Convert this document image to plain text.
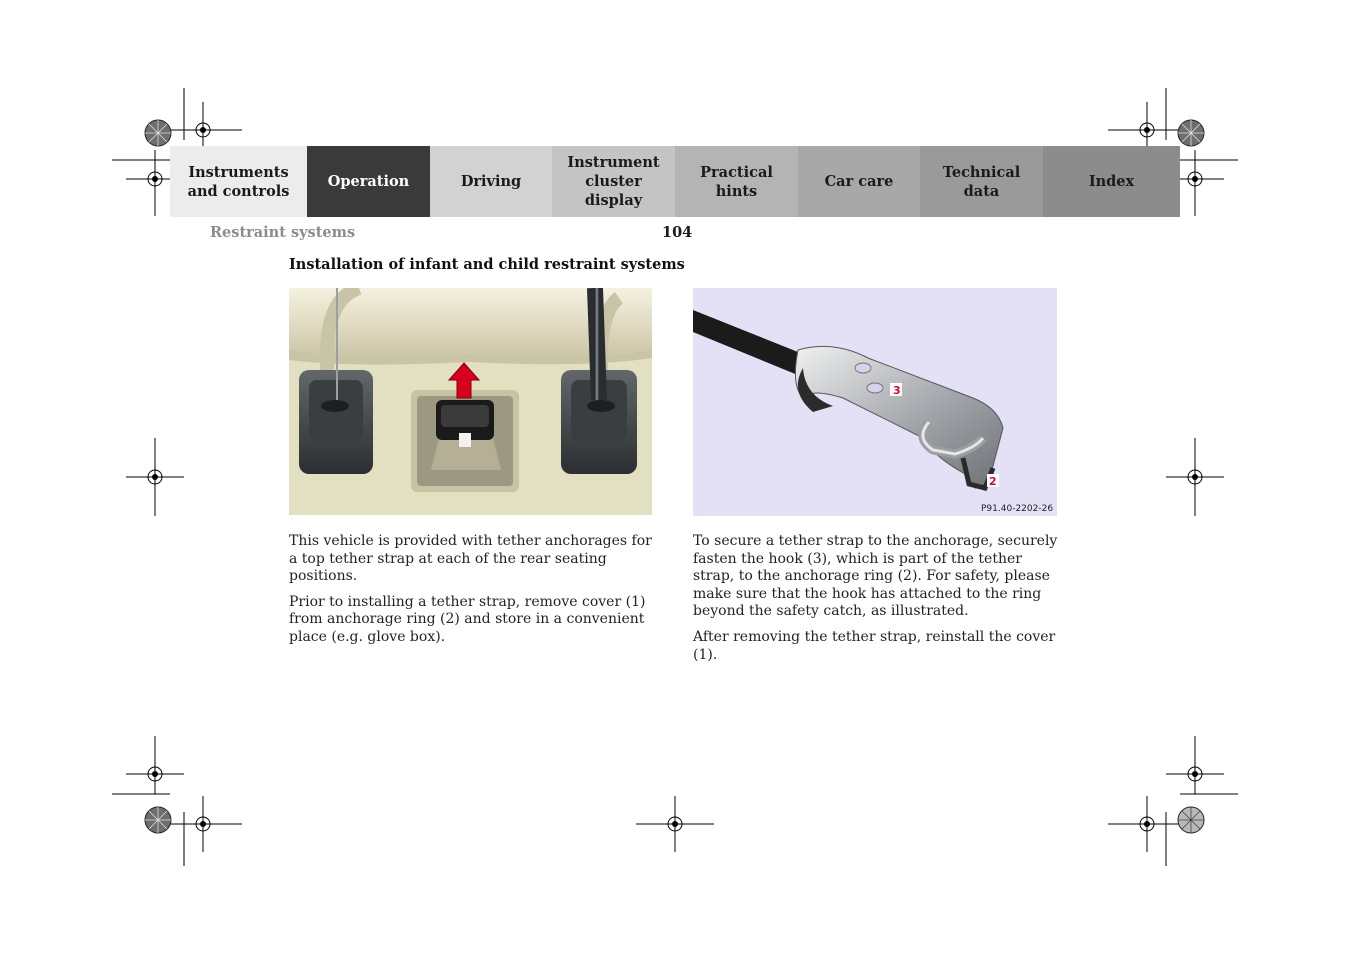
Instruments
and controls
Operation	Driving
Instrument
cluster display
Practical hints
Car care
Technical
data
Index
Restraint systems	104
Installation of infant and child restraint systems
3
2
P91.40-2202-26

This vehicle is provided with tether anchorages for a top tether strap at each of the rear seating positions.

Prior to installing a tether strap, remove cover (1) from anchorage ring (2) and store in a convenient place (e.g. glove box).

To secure a tether strap to the anchorage, securely fasten the hook (3), which is part of the tether strap, to the anchorage ring (2). For safety, please make sure that the hook has attached to the ring beyond the safety catch, as illustrated.

After removing the tether strap, reinstall the cover (1).
